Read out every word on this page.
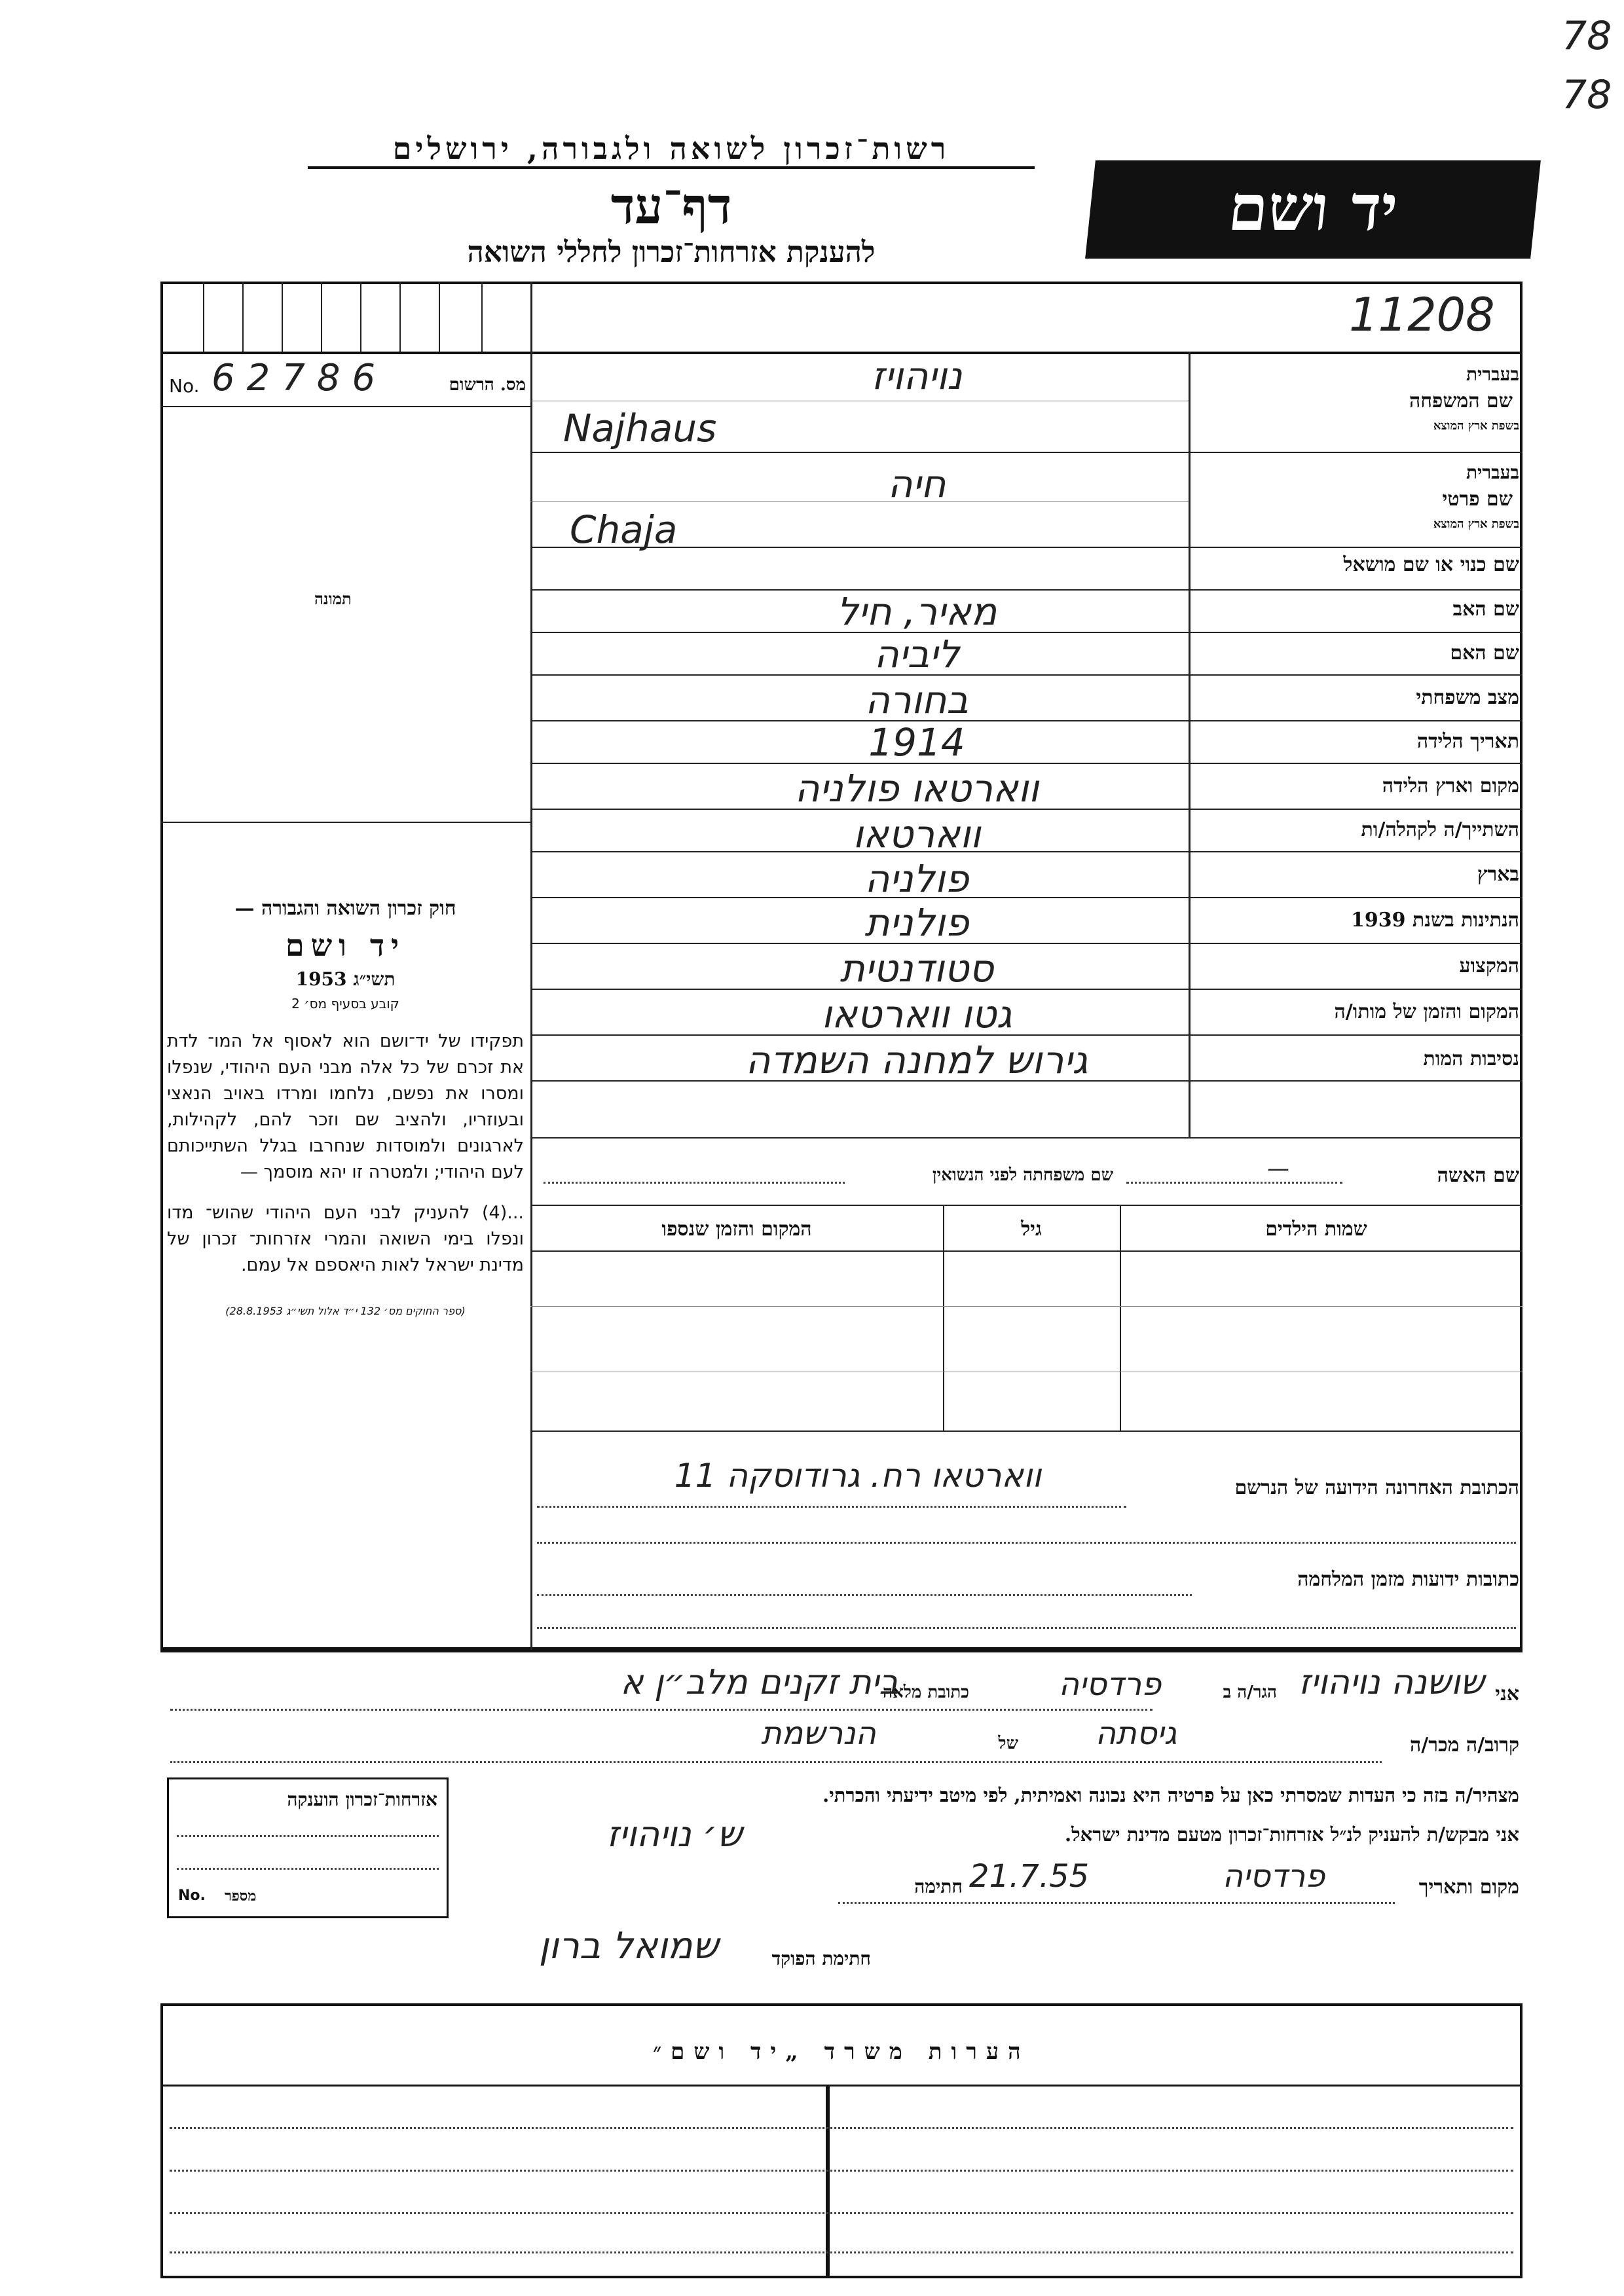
78
78
רשות־זכרון לשואה ולגבורה, ירושלים
דף־עד
להענקת אזרחות־זכרון לחללי השואה
יד ושם
11208
No. 62786	מס. הרשום
תמונה
חוק זכרון השואה והגבורה —
יד ושם
תשי״ג 1953
קובע בסעיף מס׳ 2
תפקידו של יד־ושם הוא לאסוף אל המו־ לדת את זכרם של כל אלה מבני העם היהודי, שנפלו ומסרו את נפשם, נלחמו ומרדו באויב הנאצי ובעוזריו, ולהציב שם וזכר להם, לקהילות, לארגונים ולמוסדות שנחרבו בגלל השתייכותם לעם היהודי; ולמטרה זו יהא מוסמך —
...(4) להעניק לבני העם היהודי שהוש־ מדו ונפלו בימי השואה והמרי אזרחות־ זכרון של מדינת ישראל לאות היאספם אל עמם.
(ספר החוקים מס׳ 132 י״ד אלול תשי״ג 28.8.1953)
בעברית
בשפת ארץ המוצא
שם המשפחה
נויהויז
Najhaus
בעברית
בשפת ארץ המוצא
שם פרטי
חיה
Chaja
שם כנוי או שם מושאל
שם האב
מאיר, חיל
שם האם
ליביה
מצב משפחתי
בחורה
תאריך הלידה
1914
מקום וארץ הלידה
ווארטאו פולניה
השתייך/ה לקהלה/ות
ווארטאו
בארץ
פולניה
הנתינות בשנת 1939
פולנית
המקצוע
סטודנטית
המקום והזמן של מותו/ה
גטו ווארטאו
נסיבות המות
גירוש למחנה השמדה
שם האשה
—
שם משפחתה לפני הנשואין
שמות הילדים
גיל
המקום והזמן שנספו
הכתובת האחרונה הידועה של הנרשם
ווארטאו רח. גרודוסקה 11
כתובות ידועות מזמן המלחמה
אני
שושנה נויהויז
הגר/ה ב
פרדסיה
כתובת מלאה
בית זקנים מלב״ן א
קרוב/ה מכר/ה
גיסתה
של
הנרשמת
מצהיר/ה בזה כי העדות שמסרתי כאן על פרטיה היא נכונה ואמיתית, לפי מיטב ידיעתי והכרתי.
אני מבקש/ת להעניק לנ״ל אזרחות־זכרון מטעם מדינת ישראל.
ש׳ נויהויז
מקום ותאריך
פרדסיה
21.7.55
חתימה
חתימת הפוקד
שמואל ברון
אזרחות־זכרון הוענקה
No. מספר
הערות משרד „יד ושם״
